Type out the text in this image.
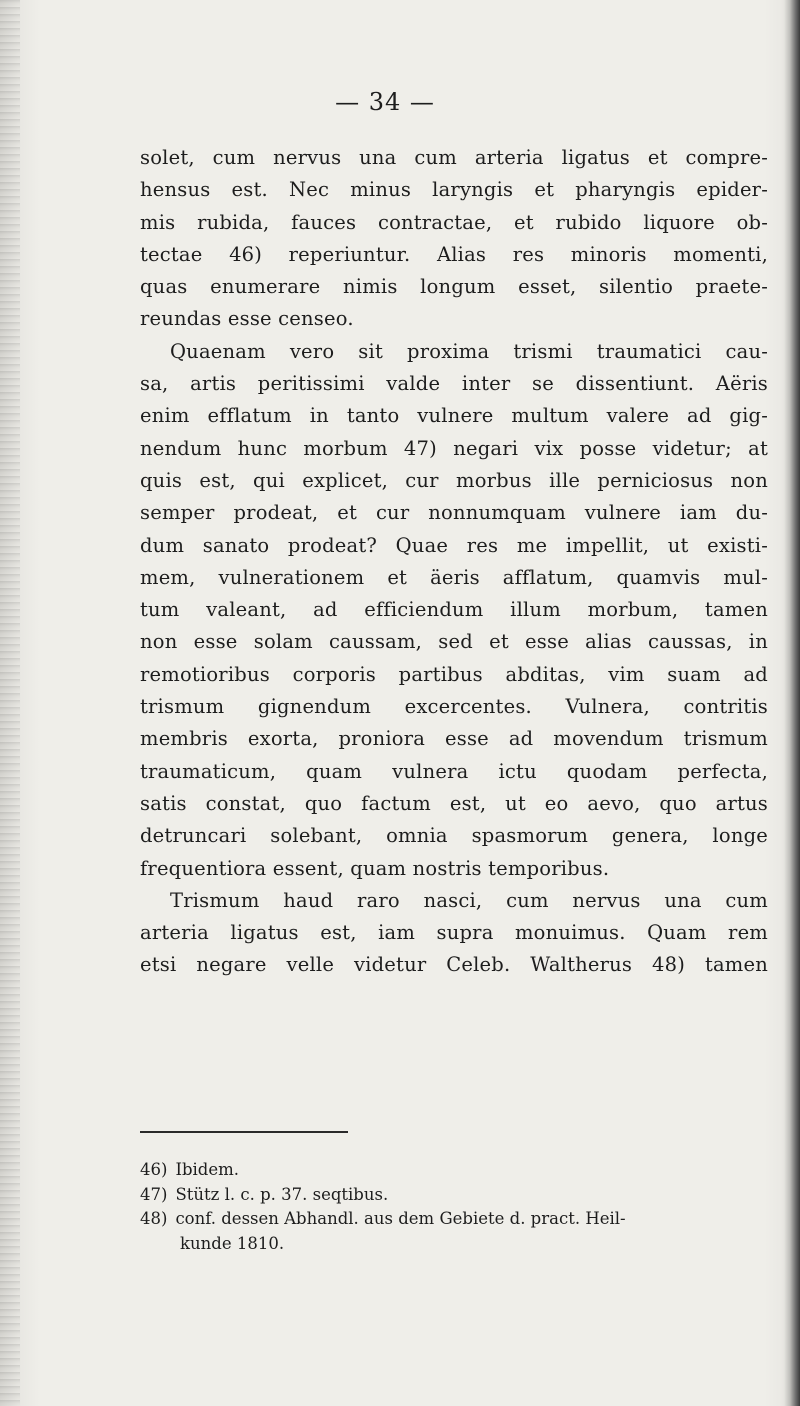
— 34 —
solet, cum nervus una cum arteria ligatus et compre-
hensus est. Nec minus laryngis et pharyngis epider-
mis rubida, fauces contractae, et rubido liquore ob-
tectae 46) reperiuntur. Alias res minoris momenti,
quas enumerare nimis longum esset, silentio praete-
reundas esse censeo.
Quaenam vero sit proxima trismi traumatici cau-
sa, artis peritissimi valde inter se dissentiunt. Aëris
enim efflatum in tanto vulnere multum valere ad gig-
nendum hunc morbum 47) negari vix posse videtur; at
quis est, qui explicet, cur morbus ille perniciosus non
semper prodeat, et cur nonnumquam vulnere iam du-
dum sanato prodeat? Quae res me impellit, ut existi-
mem, vulnerationem et äeris afflatum, quamvis mul-
tum valeant, ad efficiendum illum morbum, tamen
non esse solam caussam, sed et esse alias caussas, in
remotioribus corporis partibus abditas, vim suam ad
trismum gignendum excercentes. Vulnera, contritis
membris exorta, proniora esse ad movendum trismum
traumaticum, quam vulnera ictu quodam perfecta,
satis constat, quo factum est, ut eo aevo, quo artus
detruncari solebant, omnia spasmorum genera, longe
frequentiora essent, quam nostris temporibus.
Trismum haud raro nasci, cum nervus una cum
arteria ligatus est, iam supra monuimus. Quam rem
etsi negare velle videtur Celeb. Waltherus 48) tamen
46) Ibidem.
47) Stütz l. c. p. 37. seqtibus.
48) conf. dessen Abhandl. aus dem Gebiete d. pract. Heil-
kunde 1810.
